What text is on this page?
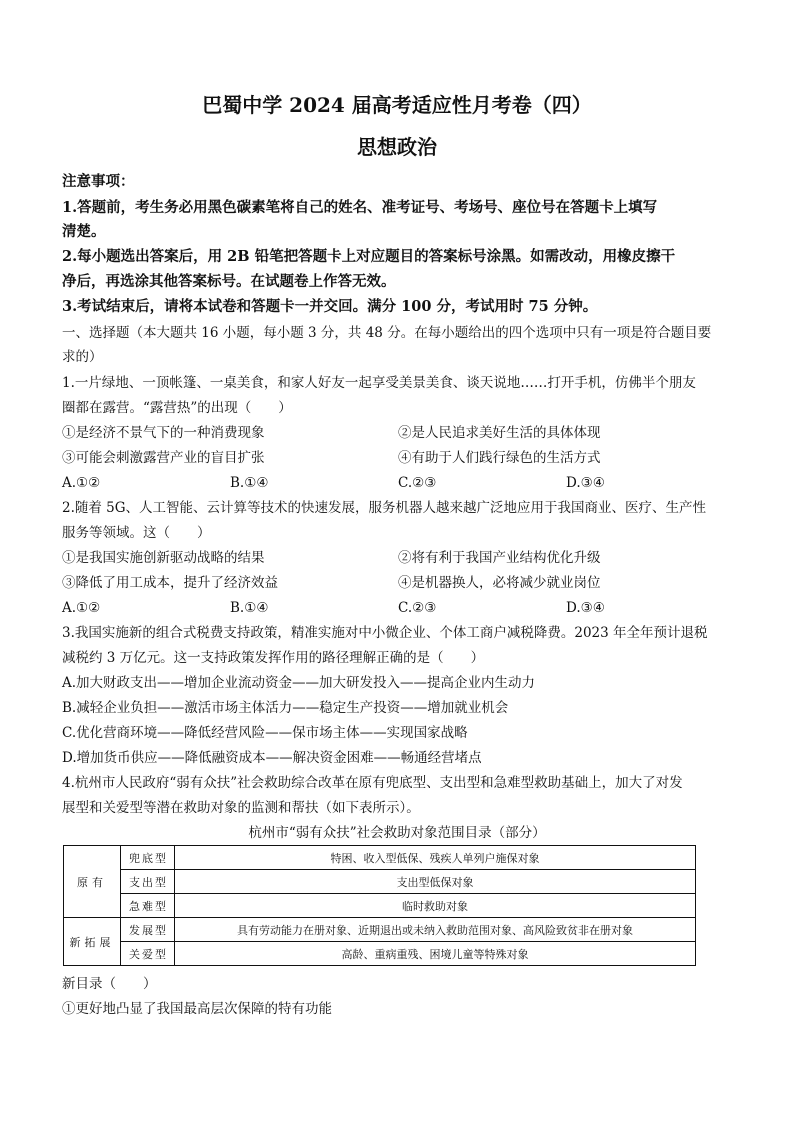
巴蜀中学 2024 届高考适应性月考卷（四）
思想政治
注意事项：
1.答题前，考生务必用黑色碳素笔将自己的姓名、准考证号、考场号、座位号在答题卡上填写
清楚。
2.每小题选出答案后，用 2B 铅笔把答题卡上对应题目的答案标号涂黑。如需改动，用橡皮擦干
净后，再选涂其他答案标号。在试题卷上作答无效。
3.考试结束后，请将本试卷和答题卡一并交回。满分 100 分，考试用时 75 分钟。
一、选择题（本大题共 16 小题，每小题 3 分，共 48 分。在每小题给出的四个选项中只有一项是符合题目要
求的）
1.一片绿地、一顶帐篷、一桌美食，和家人好友一起享受美景美食、谈天说地……打开手机，仿佛半个朋友
圈都在露营。“露营热”的出现（　　）
①是经济不景气下的一种消费现象	②是人民追求美好生活的具体体现
③可能会刺激露营产业的盲目扩张	④有助于人们践行绿色的生活方式
A.①②	B.①④	C.②③	D.③④
2.随着 5G、人工智能、云计算等技术的快速发展，服务机器人越来越广泛地应用于我国商业、医疗、生产性
服务等领域。这（　　）
①是我国实施创新驱动战略的结果	②将有利于我国产业结构优化升级
③降低了用工成本，提升了经济效益	④是机器换人，必将减少就业岗位
A.①②	B.①④	C.②③	D.③④
3.我国实施新的组合式税费支持政策，精准实施对中小微企业、个体工商户减税降费。2023 年全年预计退税
减税约 3 万亿元。这一支持政策发挥作用的路径理解正确的是（　　）
A.加大财政支出——增加企业流动资金——加大研发投入——提高企业内生动力
B.减轻企业负担——激活市场主体活力——稳定生产投资——增加就业机会
C.优化营商环境——降低经营风险——保市场主体——实现国家战略
D.增加货币供应——降低融资成本——解决资金困难——畅通经营堵点
4.杭州市人民政府“弱有众扶”社会救助综合改革在原有兜底型、支出型和急难型救助基础上，加大了对发
展型和关爱型等潜在救助对象的监测和帮扶（如下表所示）。
杭州市“弱有众扶”社会救助对象范围目录（部分）
原有	兜底型	特困、收入型低保、残疾人单列户施保对象
	支出型	支出型低保对象
	急难型	临时救助对象
新拓展	发展型	具有劳动能力在册对象、近期退出或未纳入救助范围对象、高风险致贫非在册对象
	关爱型	高龄、重病重残、困境儿童等特殊对象
新目录（　　）
①更好地凸显了我国最高层次保障的特有功能
